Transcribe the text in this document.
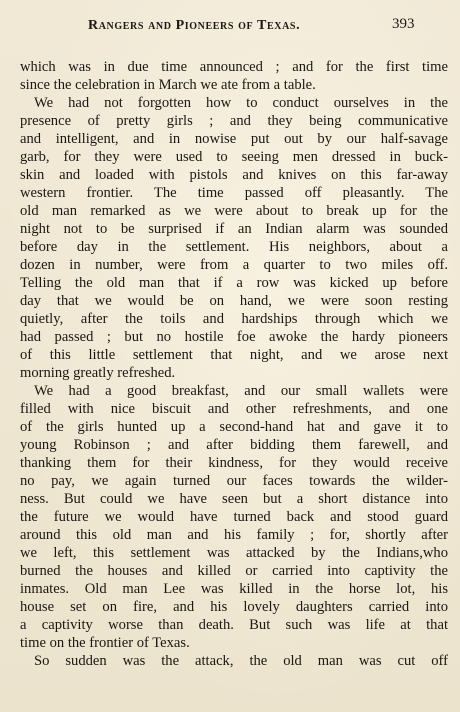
Rangers and Pioneers of Texas.	393
which was in due time announced ; and for the first time
since the celebration in March we ate from a table.
We had not forgotten how to conduct ourselves in the
presence of pretty girls ; and they being communicative
and intelligent, and in nowise put out by our half-savage
garb, for they were used to seeing men dressed in buck-
skin and loaded with pistols and knives on this far-away
western frontier. The time passed off pleasantly. The
old man remarked as we were about to break up for the
night not to be surprised if an Indian alarm was sounded
before day in the settlement. His neighbors, about a
dozen in number, were from a quarter to two miles off.
Telling the old man that if a row was kicked up before
day that we would be on hand, we were soon resting
quietly, after the toils and hardships through which we
had passed ; but no hostile foe awoke the hardy pioneers
of this little settlement that night, and we arose next
morning greatly refreshed.
We had a good breakfast, and our small wallets were
filled with nice biscuit and other refreshments, and one
of the girls hunted up a second-hand hat and gave it to
young Robinson ; and after bidding them farewell, and
thanking them for their kindness, for they would receive
no pay, we again turned our faces towards the wilder-
ness. But could we have seen but a short distance into
the future we would have turned back and stood guard
around this old man and his family ; for, shortly after
we left, this settlement was attacked by the Indians,who
burned the houses and killed or carried into captivity the
inmates. Old man Lee was killed in the horse lot, his
house set on fire, and his lovely daughters carried into
a captivity worse than death. But such was life at that
time on the frontier of Texas.
So sudden was the attack, the old man was cut off
